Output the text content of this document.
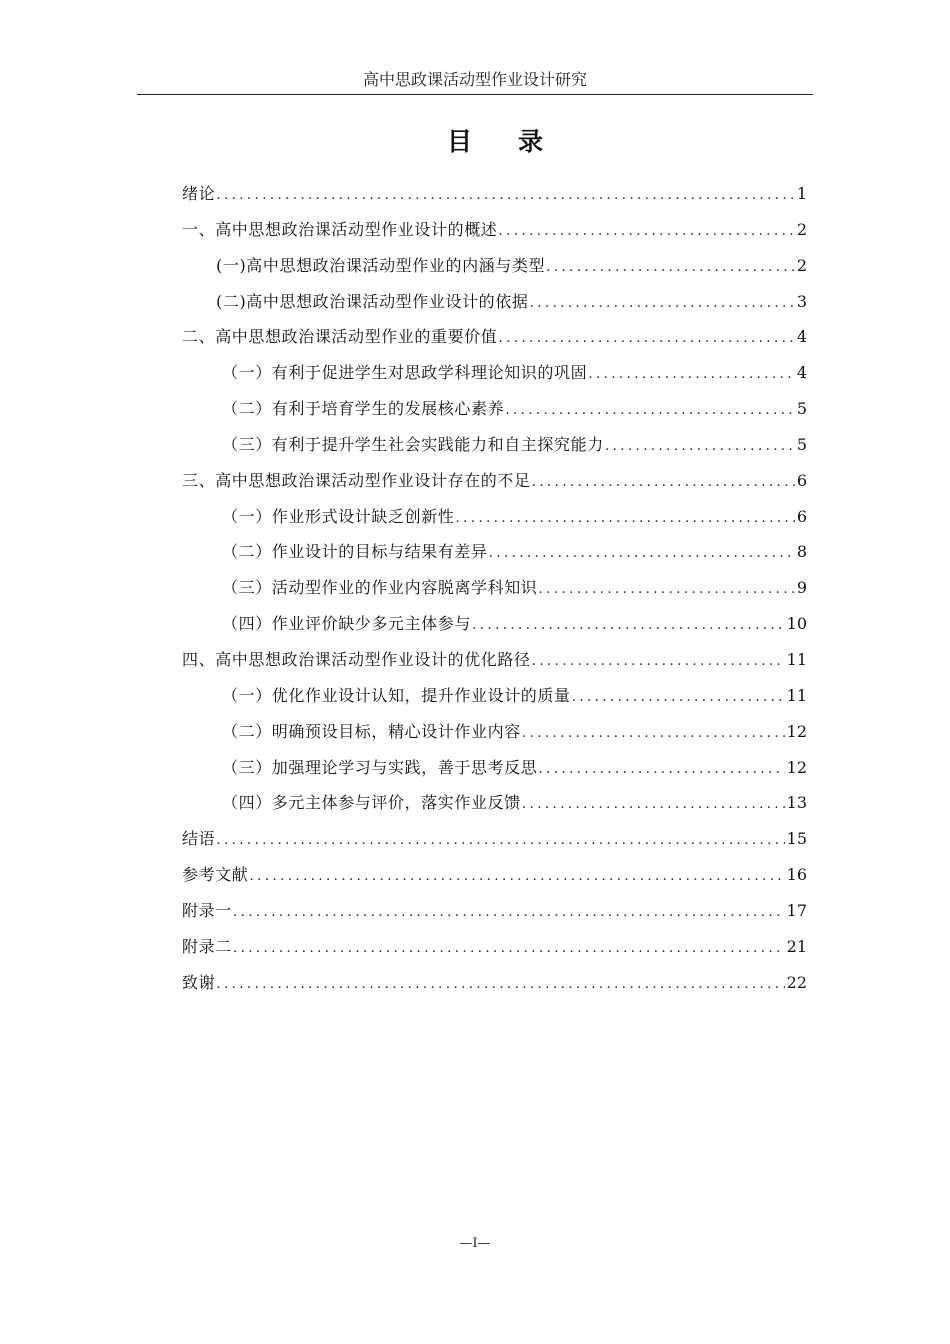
高中思政课活动型作业设计研究
目 录
绪论 .....	1
一、高中思想政治课活动型作业设计的概述 .....	2
(一)高中思想政治课活动型作业的内涵与类型 .....	2
(二)高中思想政治课活动型作业设计的依据 .....	3
二、高中思想政治课活动型作业的重要价值 .....	4
（一）有利于促进学生对思政学科理论知识的巩固 .....	4
（二）有利于培育学生的发展核心素养 .....	5
（三）有利于提升学生社会实践能力和自主探究能力 .....	5
三、高中思想政治课活动型作业设计存在的不足 .....	6
（一）作业形式设计缺乏创新性 .....	6
（二）作业设计的目标与结果有差异 .....	8
（三）活动型作业的作业内容脱离学科知识 .....	9
（四）作业评价缺少多元主体参与 .....	10
四、高中思想政治课活动型作业设计的优化路径 .....	11
（一）优化作业设计认知，提升作业设计的质量 .....	11
（二）明确预设目标，精心设计作业内容 .....	12
（三）加强理论学习与实践，善于思考反思 .....	12
（四）多元主体参与评价，落实作业反馈 .....	13
结语 .....	15
参考文献 .....	16
附录一 .....	17
附录二 .....	21
致谢 .....	22
—I—
